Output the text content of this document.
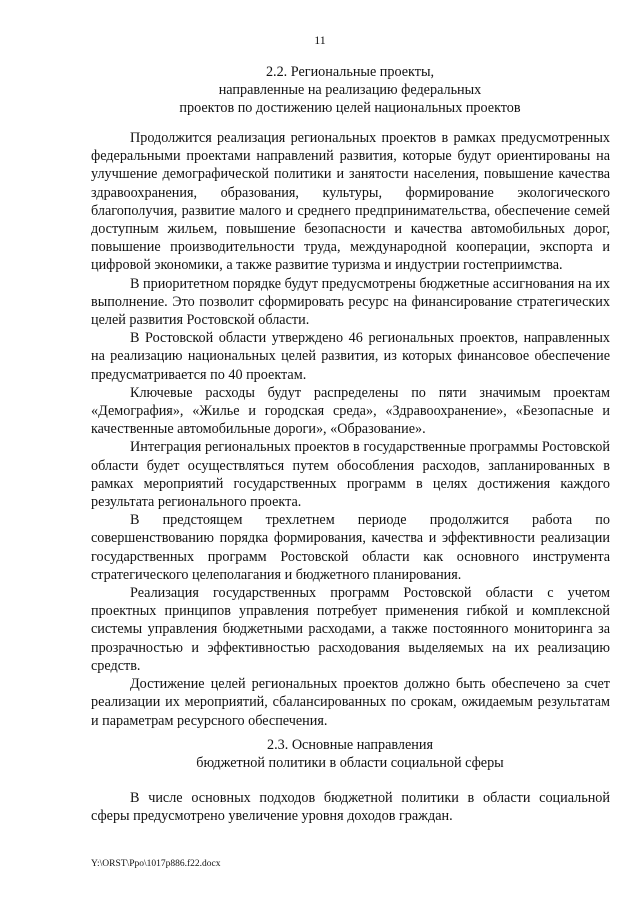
11
2.2. Региональные проекты,
направленные на реализацию федеральных
проектов по достижению целей национальных проектов

Продолжится реализация региональных проектов в рамках предусмотренных федеральными проектами направлений развития, которые будут ориентированы на улучшение демографической политики и занятости населения, повышение качества здравоохранения, образования, культуры, формирование экологического благополучия, развитие малого и среднего предпринимательства, обеспечение семей доступным жильем, повышение безопасности и качества автомобильных дорог, повышение производительности труда, международной кооперации, экспорта и цифровой экономики, а также развитие туризма и индустрии гостеприимства.

В приоритетном порядке будут предусмотрены бюджетные ассигнования на их выполнение. Это позволит сформировать ресурс на финансирование стратегических целей развития Ростовской области.

В Ростовской области утверждено 46 региональных проектов, направленных на реализацию национальных целей развития, из которых финансовое обеспечение предусматривается по 40 проектам.

Ключевые расходы будут распределены по пяти значимым проектам «Демография», «Жилье и городская среда», «Здравоохранение», «Безопасные и качественные автомобильные дороги», «Образование».

Интеграция региональных проектов в государственные программы Ростовской области будет осуществляться путем обособления расходов, запланированных в рамках мероприятий государственных программ в целях достижения каждого результата регионального проекта.

В предстоящем трехлетнем периоде продолжится работа по совершенствованию порядка формирования, качества и эффективности реализации государственных программ Ростовской области как основного инструмента стратегического целеполагания и бюджетного планирования.

Реализация государственных программ Ростовской области с учетом проектных принципов управления потребует применения гибкой и комплексной системы управления бюджетными расходами, а также постоянного мониторинга за прозрачностью и эффективностью расходования выделяемых на их реализацию средств.

Достижение целей региональных проектов должно быть обеспечено за счет реализации их мероприятий, сбалансированных по срокам, ожидаемым результатам и параметрам ресурсного обеспечения.

2.3. Основные направления
бюджетной политики в области социальной сферы

В числе основных подходов бюджетной политики в области социальной сферы предусмотрено увеличение уровня доходов граждан.

Y:\ORST\Ppo\1017p886.f22.docx
